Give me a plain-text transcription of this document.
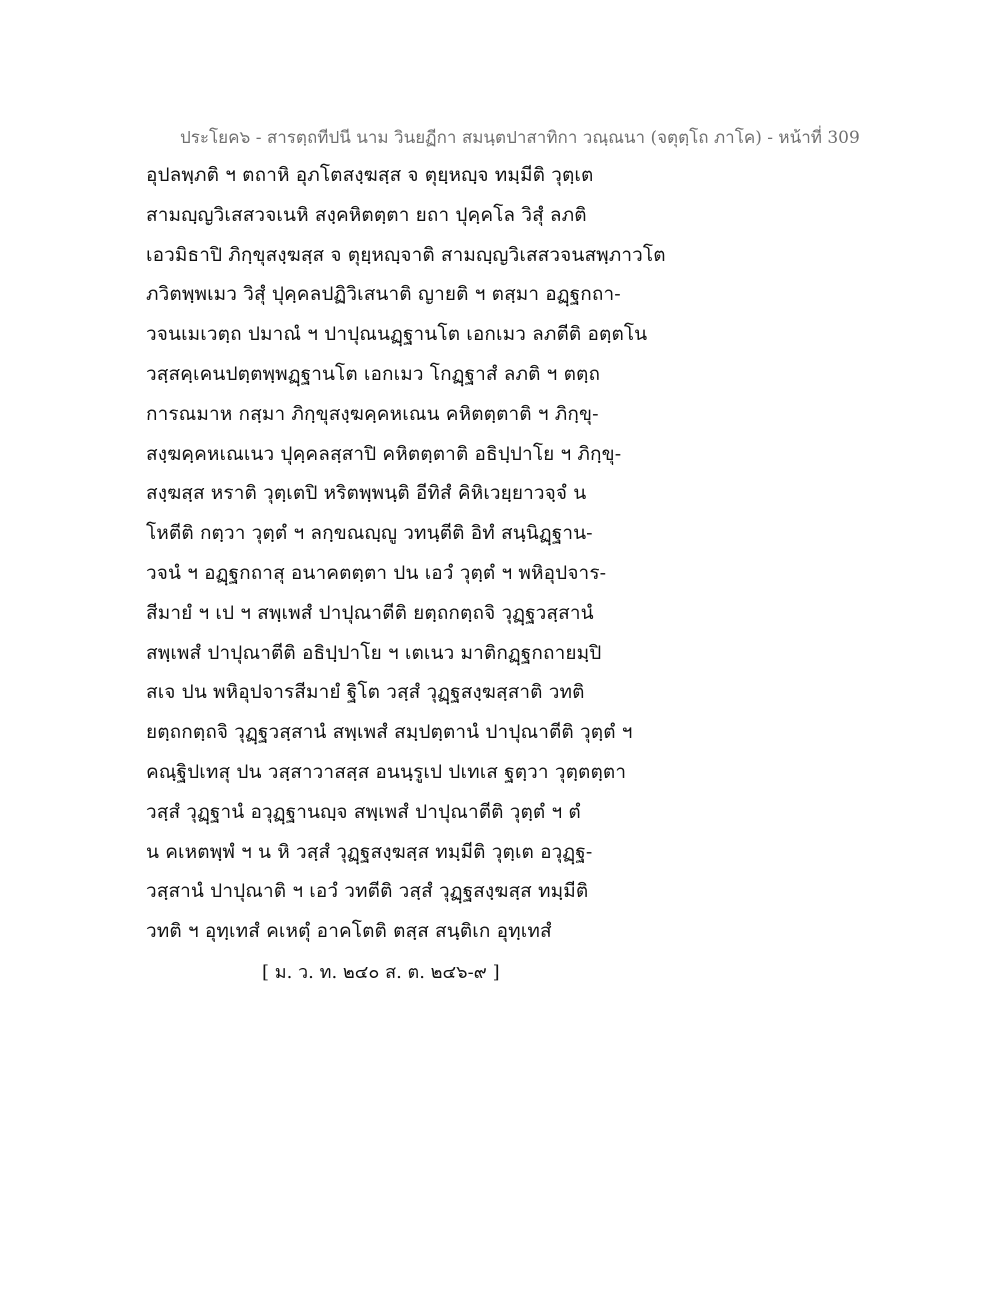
ประโยค๖ - สารตฺถทีปนี นาม วินยฏีกา สมนฺตปาสาทิกา วณฺณนา (จตุตฺโถ ภาโค) - หน้าที่ 309
อุปลพฺภติ ฯ ตถาหิ อุภโตสงฺฆสฺส จ ตุยฺหญฺจ ทมฺมีติ วุตฺเต
สามญฺญวิเสสวจเนหิ สงฺคหิตตฺตา ยถา ปุคฺคโล วิสุํ ลภติ
เอวมิธาปิ ภิกฺขุสงฺฆสฺส จ ตุยฺหญฺจาติ สามญฺญวิเสสวจนสพฺภาวโต
ภวิตพฺพเมว วิสุํ ปุคฺคลปฏิวิเสนาติ ญายติ ฯ ตสฺมา อฏฺฐกถา-
วจนเมเวตฺถ ปมาณํ ฯ ปาปุณนฏฺฐานโต เอกเมว ลภตีติ อตฺตโน
วสฺสคฺเคนปตฺตพฺพฏฺฐานโต เอกเมว โกฏฺฐาสํ ลภติ ฯ ตตฺถ
การณมาห กสฺมา ภิกฺขุสงฺฆคฺคหเณน คหิตตฺตาติ ฯ ภิกฺขุ-
สงฺฆคฺคหเณเนว ปุคฺคลสฺสาปิ คหิตตฺตาติ อธิปฺปาโย ฯ ภิกฺขุ-
สงฺฆสฺส หราติ วุตฺเตปิ หริตพฺพนฺติ อีทิสํ คิหิเวยฺยาวจฺจํ น
โหตีติ กตฺวา วุตฺตํ ฯ ลกฺขณญฺญู วทนฺตีติ อิทํ สนฺนิฏฺฐาน-
วจนํ ฯ อฏฺฐกถาสุ อนาคตตฺตา ปน เอวํ วุตฺตํ ฯ พหิอุปจาร-
สีมายํ ฯ เป ฯ สพฺเพสํ ปาปุณาตีติ ยตฺถกตฺถจิ วุฏฺฐวสฺสานํ
สพฺเพสํ ปาปุณาตีติ อธิปฺปาโย ฯ เตเนว มาติกฏฺฐกถายมฺปิ
สเจ ปน พหิอุปจารสีมายํ ฐิโต วสฺสํ วุฏฺฐสงฺฆสฺสาติ วทติ
ยตฺถกตฺถจิ วุฏฺฐวสฺสานํ สพฺเพสํ สมฺปตฺตานํ ปาปุณาตีติ วุตฺตํ ฯ
คณฺฐิปเทสุ ปน วสฺสาวาสสฺส อนนฺรูเป ปเทเส ฐตฺวา วุตฺตตฺตา
วสฺสํ วุฏฺฐานํ อวุฏฺฐานญฺจ สพฺเพสํ ปาปุณาตีติ วุตฺตํ ฯ ตํ
น คเหตพฺพํ ฯ น หิ วสฺสํ วุฏฺฐสงฺฆสฺส ทมฺมีติ วุตฺเต อวุฏฺฐ-
วสฺสานํ ปาปุณาติ ฯ เอวํ วทตีติ วสฺสํ วุฏฺฐสงฺฆสฺส ทมฺมีติ
วทติ ฯ อุทฺเทสํ คเหตุํ อาคโตติ ตสฺส สนฺติเก อุทฺเทสํ
[ ม. ว. ท. ๒๔๐ ส. ต. ๒๔๖-๙ ]
